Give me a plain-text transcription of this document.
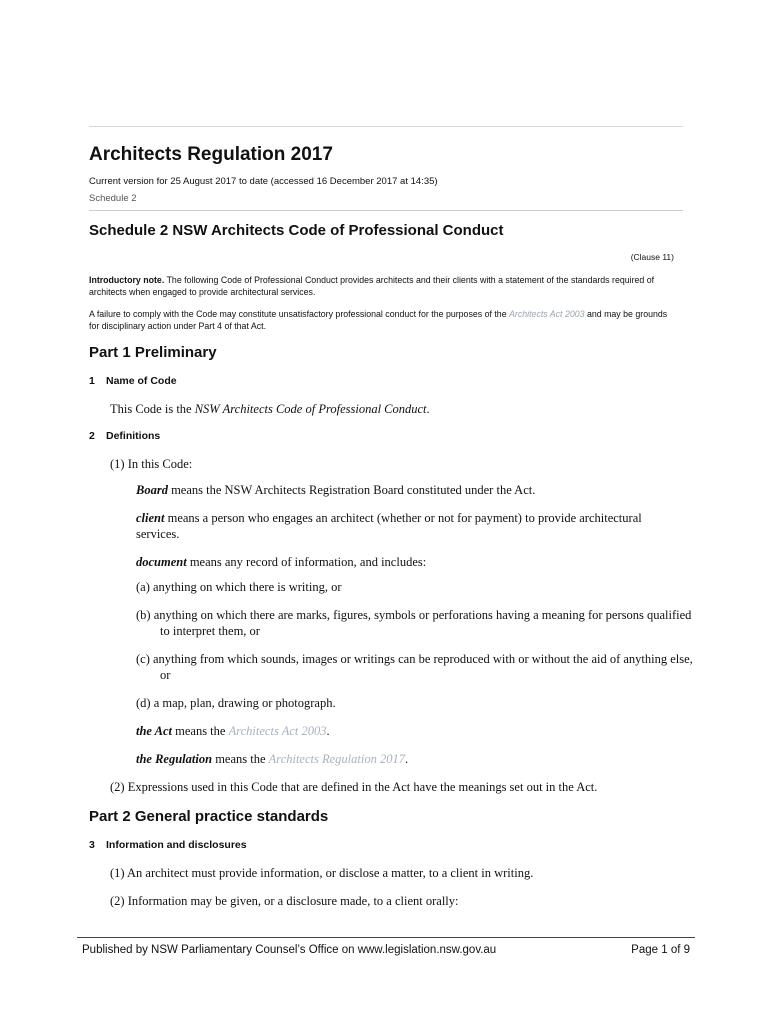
Architects Regulation 2017
Current version for 25 August 2017 to date (accessed 16 December 2017 at 14:35)
Schedule 2
Schedule 2 NSW Architects Code of Professional Conduct
(Clause 11)
Introductory note. The following Code of Professional Conduct provides architects and their clients with a statement of the standards required of architects when engaged to provide architectural services.
A failure to comply with the Code may constitute unsatisfactory professional conduct for the purposes of the Architects Act 2003 and may be grounds for disciplinary action under Part 4 of that Act.
Part 1 Preliminary
1 Name of Code
This Code is the NSW Architects Code of Professional Conduct.
2 Definitions
(1) In this Code:
Board means the NSW Architects Registration Board constituted under the Act.
client means a person who engages an architect (whether or not for payment) to provide architectural services.
document means any record of information, and includes:
(a) anything on which there is writing, or
(b) anything on which there are marks, figures, symbols or perforations having a meaning for persons qualified to interpret them, or
(c) anything from which sounds, images or writings can be reproduced with or without the aid of anything else, or
(d) a map, plan, drawing or photograph.
the Act means the Architects Act 2003.
the Regulation means the Architects Regulation 2017.
(2) Expressions used in this Code that are defined in the Act have the meanings set out in the Act.
Part 2 General practice standards
3 Information and disclosures
(1) An architect must provide information, or disclose a matter, to a client in writing.
(2) Information may be given, or a disclosure made, to a client orally:
Published by NSW Parliamentary Counsel’s Office on www.legislation.nsw.gov.au	Page 1 of 9
